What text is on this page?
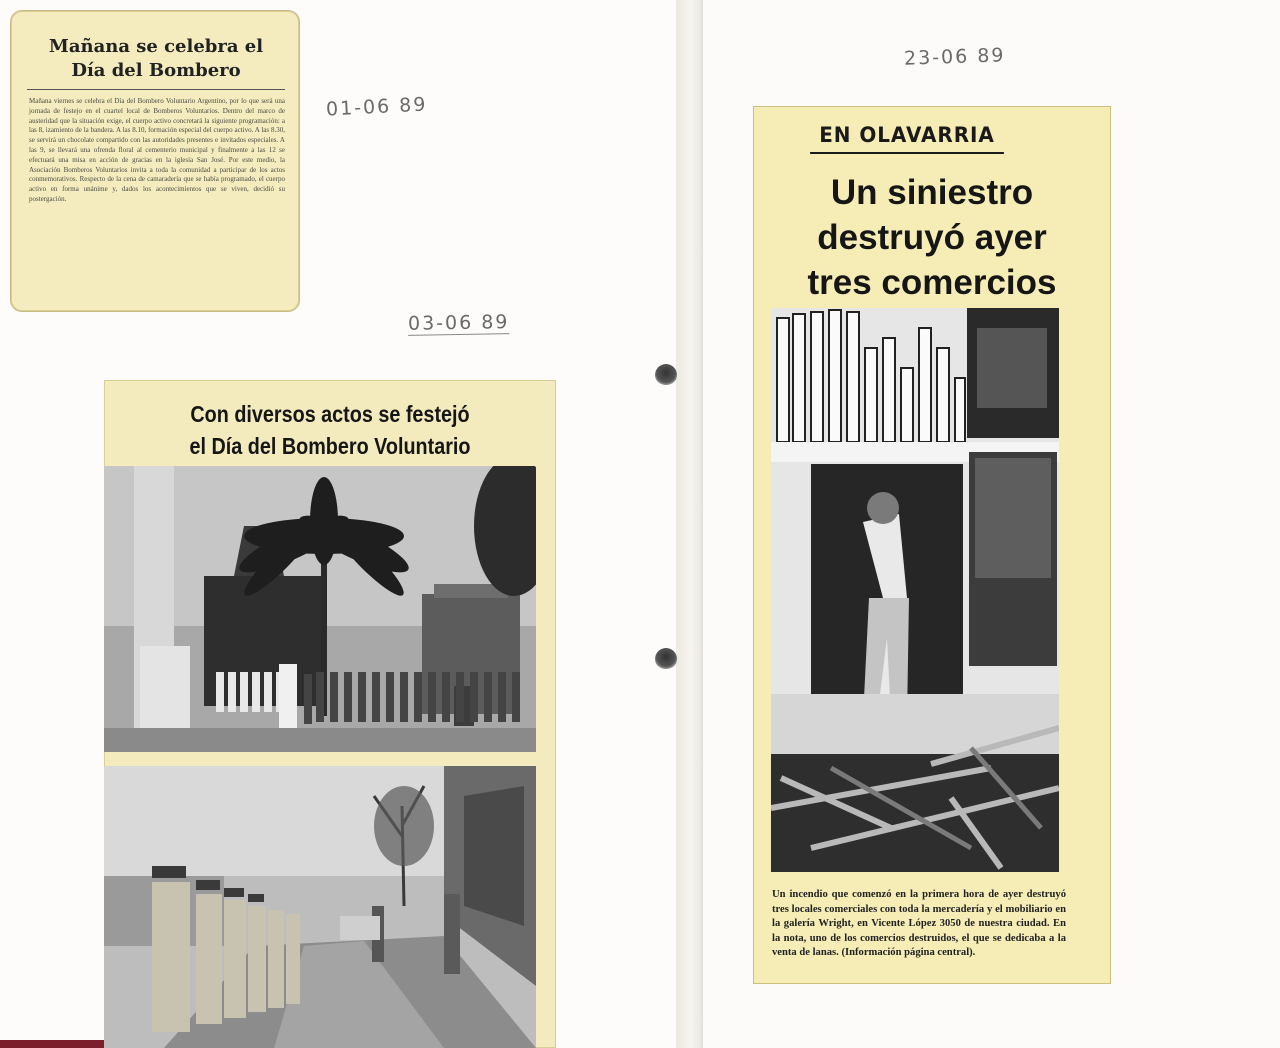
Mañana se celebra el
Día del Bombero
Mañana viernes se celebra el Día del Bombero Voluntario Argentino, por lo que será una jornada de festejo en el cuartel local de Bomberos Voluntarios. Dentro del marco de austeridad que la situación exige, el cuerpo activo concretará la siguiente programación: a las 8, izamiento de la bandera. A las 8.10, formación especial del cuerpo activo. A las 8.30, se servirá un chocolate compartido con las autoridades presentes e invitados especiales. A las 9, se llevará una ofrenda floral al cementerio municipal y finalmente a las 12 se efectuará una misa en acción de gracias en la iglesia San José. Por este medio, la Asociación Bomberos Voluntarios invita a toda la comunidad a participar de los actos conmemorativos. Respecto de la cena de camaradería que se había programado, el cuerpo activo en forma unánime y, dados los acontecimientos que se viven, decidió su postergación.
01-06 89
03-06 89
23-06 89
Con diversos actos se festejó
el Día del Bombero Voluntario
EN OLAVARRIA
Un siniestro
destruyó ayer
tres comercios
Un incendio que comenzó en la primera hora de ayer destruyó tres locales comerciales con toda la mercadería y el mobiliario en la galería Wright, en Vicente López 3050 de nuestra ciudad. En la nota, uno de los comercios destruidos, el que se dedicaba a la venta de lanas. (Información página central).
